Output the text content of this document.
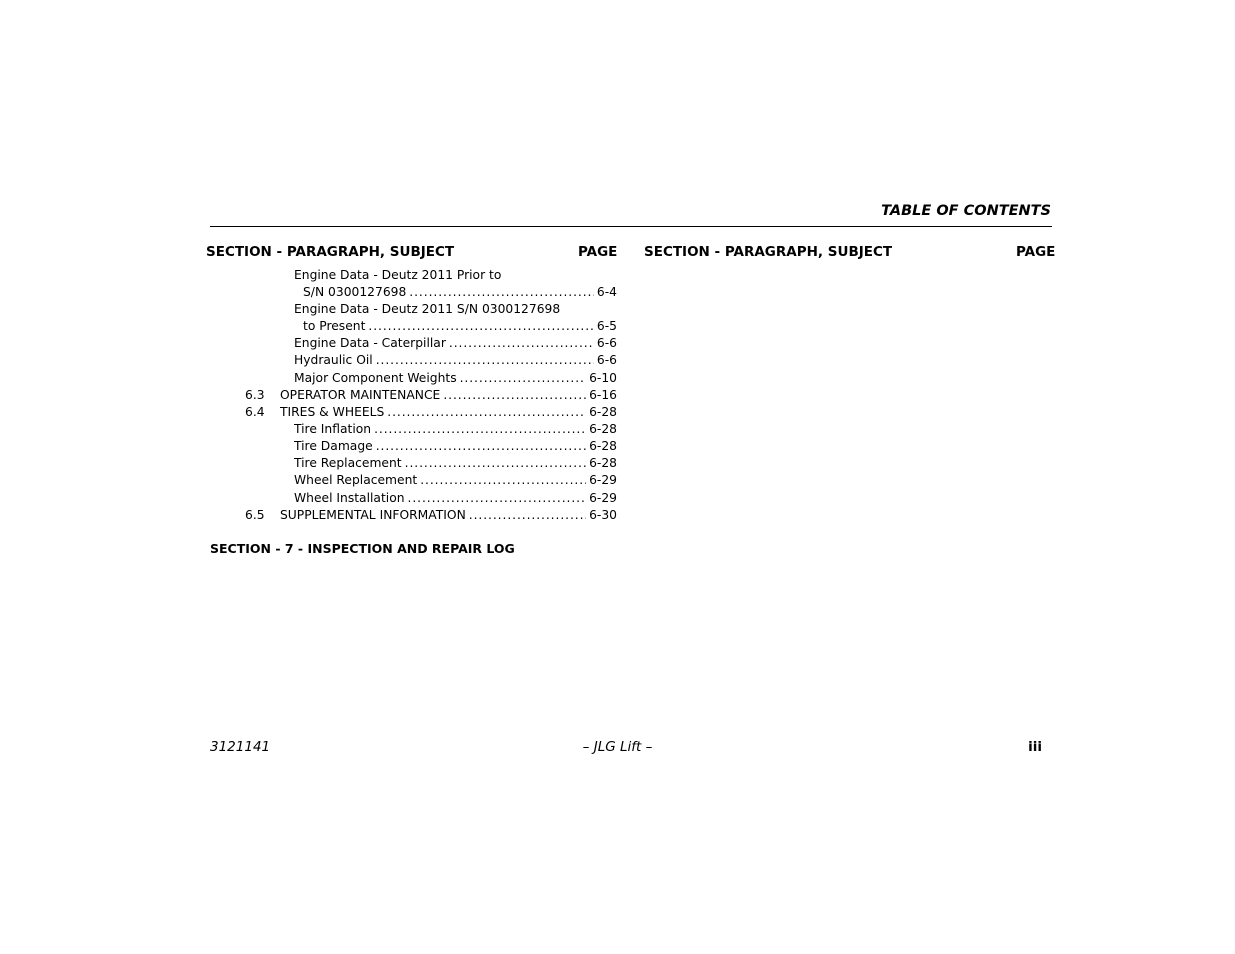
TABLE OF CONTENTS
SECTION - PARAGRAPH, SUBJECT	PAGE SECTION - PARAGRAPH, SUBJECT	PAGE
Engine Data - Deutz 2011 Prior to
S/N 0300127698 . . .	6-4
Engine Data - Deutz 2011 S/N 0300127698
to Present . . .	6-5
Engine Data - Caterpillar . . .	6-6
Hydraulic Oil . . .	6-6
Major Component Weights . . .	6-10
6.3 OPERATOR MAINTENANCE . . .	6-16
6.4 TIRES & WHEELS . . .	6-28
Tire Inflation . . .	6-28
Tire Damage . . .	6-28
Tire Replacement . . .	6-28
Wheel Replacement . . .	6-29
Wheel Installation . . .	6-29
6.5 SUPPLEMENTAL INFORMATION . . .	6-30
SECTION - 7 - INSPECTION AND REPAIR LOG
3121141	– JLG Lift –	iii
